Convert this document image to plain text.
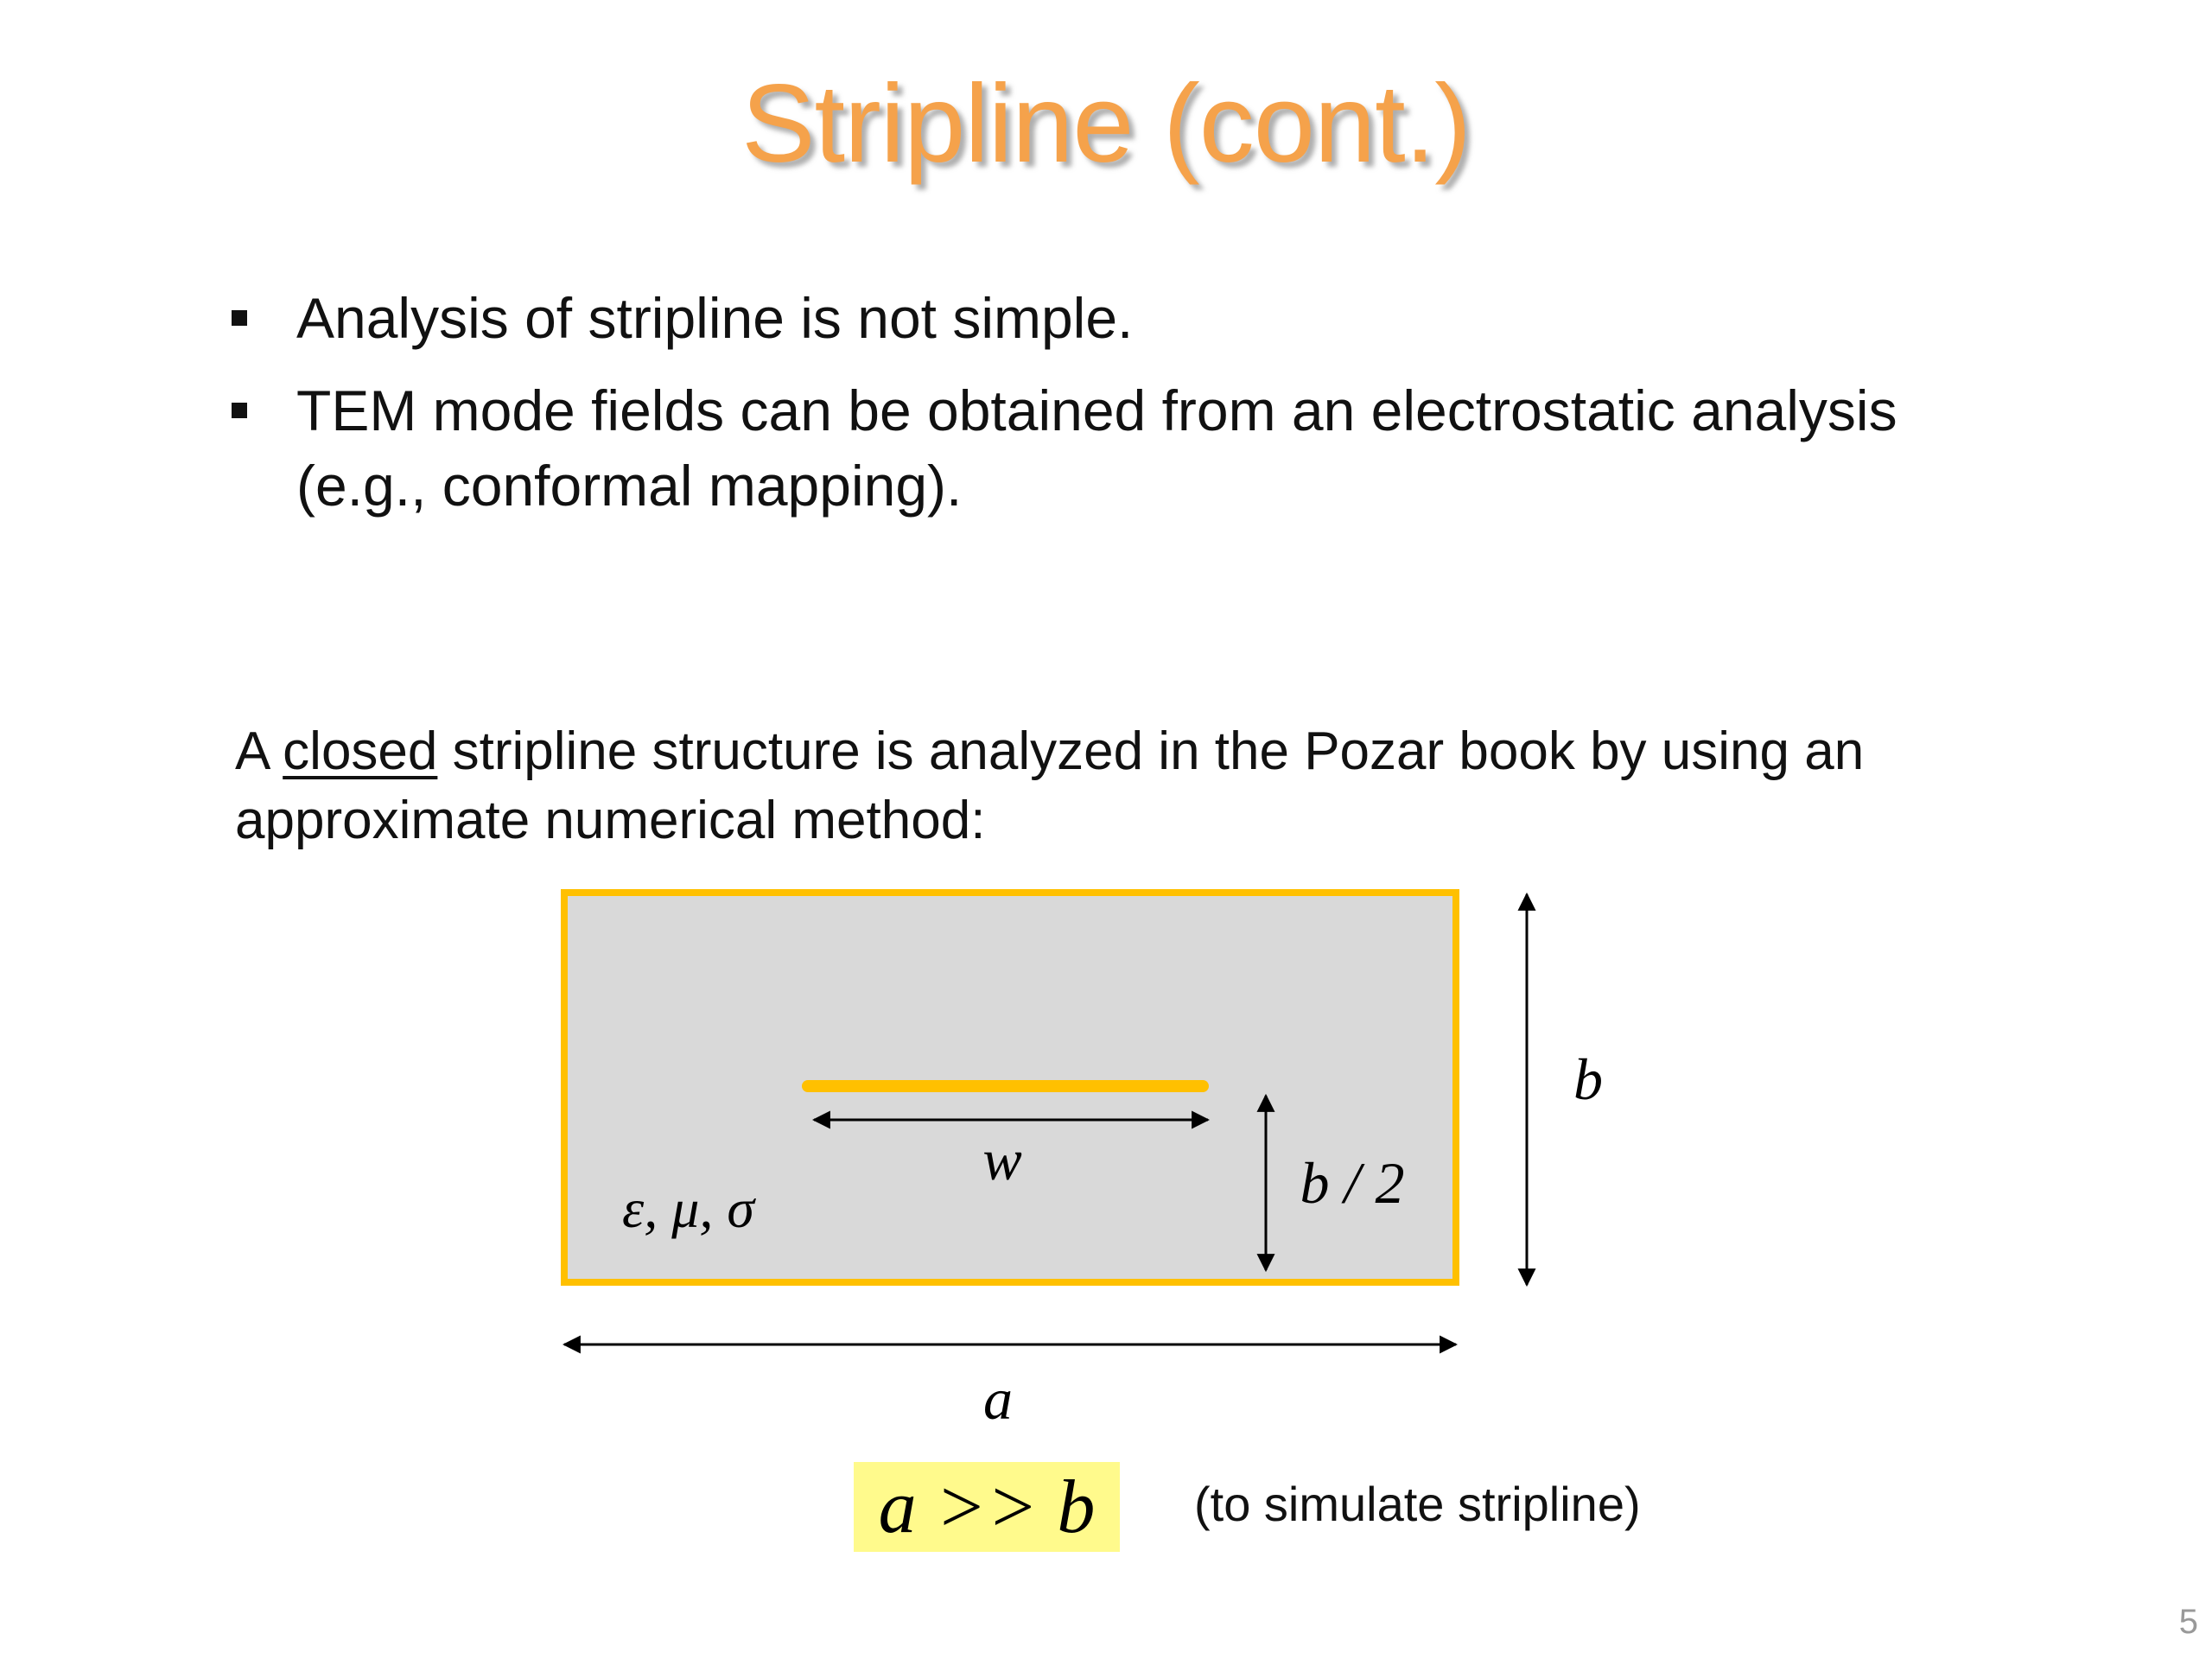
Stripline (cont.)
Analysis of stripline is not simple.
TEM mode fields can be obtained from an electrostatic analysis (e.g., conformal mapping).
A closed stripline structure is analyzed in the Pozar book by using an approximate numerical method:
ε, μ, σ
w	b / 2
b
a
a >> b	(to simulate stripline)
5
